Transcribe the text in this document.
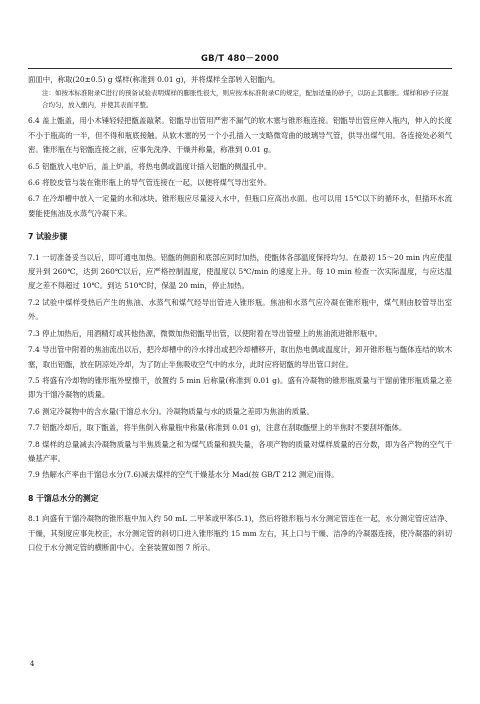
GB/T 480－2000

面皿中，称取(20±0.5) g 煤样(称准到 0.01 g)，并将煤样全部转入铝甑内。

注：如按本标准附录C进行的预备试验表明煤样的膨胀性很大，则应按本标准附录C的规定，配加适量的砂子，以防止其膨胀。煤样和砂子应混合均匀，放入甑内，并使其表面平整。

6.4 盖上甑盖，用小木锤轻轻把甑盖敲紧。铝甑导出管用严密不漏气的软木塞与锥形瓶连接。铝甑导出管应伸入瓶内，伸入的长度不小于瓶高的一半，但不得和瓶底接触。从软木塞的另一个小孔插入一支略微弯曲的玻璃导气管，供导出煤气用。各连接处必须气密。锥形瓶在与铝甑连接之前，应事先洗净、干燥并称量，称准到 0.01 g。

6.5 铝甑放入电炉后，盖上炉盖，将热电偶或温度计插入铝甑的侧温孔中。

6.6 将胶皮管与装在锥形瓶上的导气管连接在一起，以便将煤气导出室外。

6.7 在冷却槽中放入一定量的水和冰块。锥形瓶应尽量浸入水中，但瓶口应高出水面。也可以用 15℃以下的循环水，但插环水流要能使焦油及水蒸气冷凝下来。

7 试验步骤

7.1 一切准备妥当以后，即可通电加热。铝甑的侧面和底部应同时加热，使甑体各部温度保持均匀。在最初 15～20 min 内应使温度升到 260℃，达到 260℃以后，应严格控制温度，使温度以 5℃/min 的速度上升。每 10 min 检查一次实际温度，与应达温度之差不得超过 10℃。到达 510℃时，保温 20 min，停止加热。

7.2 试验中煤样受热后产生的焦油、水蒸气和煤气经导出管进入锥形瓶。焦油和水蒸气应冷凝在锥形瓶中，煤气则由胶管导出室外。

7.3 停止加热后，用酒精灯或其他热源，微微加热铝甑导出管，以使附着在导出管壁上的焦油流进锥形瓶中。

7.4 导出管中附着的焦油流出以后，把冷却槽中的冷水排出或把冷却槽移开，取出热电偶或温度计，卸开锥形瓶与甑体连结的软木塞，取出铝甑，放在阴凉处冷却，为了防止半焦吸收空气中的水分，此时应将铝甑的导出管口封住。

7.5 将盛有冷却物的锥形瓶外壁擦干，放置约 5 min 后称量(称准到 0.01 g)。盛有冷凝物的锥形瓶质量与干馏前锥形瓶质量之差即为干馏冷凝物的质量。

7.6 测定冷凝物中的含水量(干馏总水分)。冷凝物质量与水的质量之差即为焦油的质量。

7.7 铝甑冷却后，取下甑盖，将半焦倒入称量瓶中称量(称准到 0.01 g)，注意在刮取甑壁上的半焦时不要刮坏甑体。

7.8 煤样的总量减去冷凝物质量与半焦质量之和为煤气质量和损失量，各项产物的质量对煤样质量的百分数，即为各产物的空气干燥基产率。

7.9 热解水产率由干馏总水分(7.6)减去煤样的空气干燥基水分 Mad(按 GB/T 212 测定)而得。

8 干馏总水分的测定

8.1 向盛有干馏冷凝物的锥形瓶中加入约 50 mL 二甲苯或甲苯(5.1)，然后将锥形瓶与水分测定管连在一起，水分测定管应洁净、干燥，其刻度应事先校正，水分测定管的斜切口进入锥形瓶约 15 mm 左右，其上口与干燥、洁净的冷凝器连接，使冷凝器的斜切口位于水分测定管的横断面中心。全套装置如图 7 所示。

4
